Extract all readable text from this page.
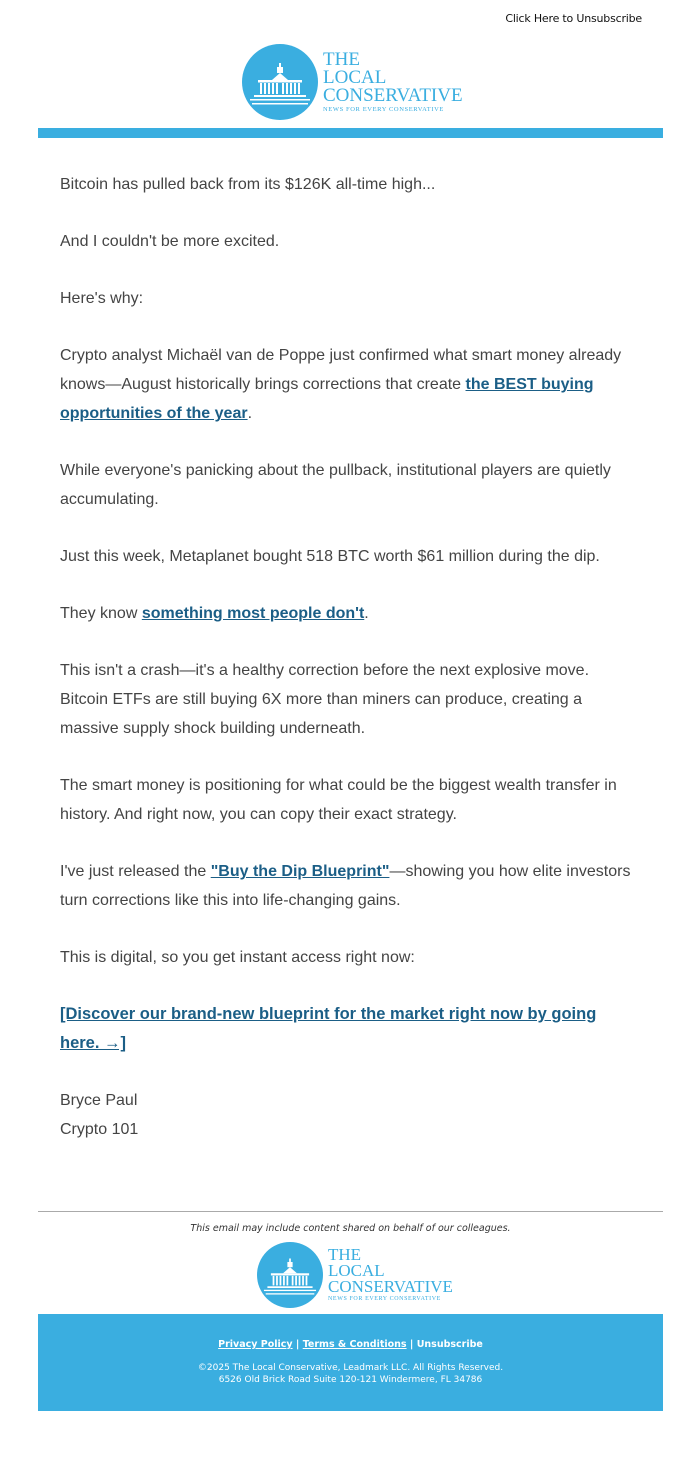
Click Here to Unsubscribe
THE
LOCAL
CONSERVATIVE
NEWS FOR EVERY CONSERVATIVE

Bitcoin has pulled back from its $126K all-time high...

And I couldn't be more excited.

Here's why:

Crypto analyst Michaël van de Poppe just confirmed what smart money already knows—August historically brings corrections that create the BEST buying opportunities of the year.

While everyone's panicking about the pullback, institutional players are quietly accumulating.

Just this week, Metaplanet bought 518 BTC worth $61 million during the dip.

They know something most people don't.

This isn't a crash—it's a healthy correction before the next explosive move. Bitcoin ETFs are still buying 6X more than miners can produce, creating a massive supply shock building underneath.

The smart money is positioning for what could be the biggest wealth transfer in history. And right now, you can copy their exact strategy.

I've just released the "Buy the Dip Blueprint"—showing you how elite investors turn corrections like this into life-changing gains.

This is digital, so you get instant access right now:

[Discover our brand-new blueprint for the market right now by going here. →]

Bryce Paul

Crypto 101

This email may include content shared on behalf of our colleagues.
THE
LOCAL
CONSERVATIVE
NEWS FOR EVERY CONSERVATIVE
Privacy Policy | Terms & Conditions | Unsubscribe
©2025 The Local Conservative, Leadmark LLC. All Rights Reserved.
6526 Old Brick Road Suite 120-121 Windermere, FL 34786
